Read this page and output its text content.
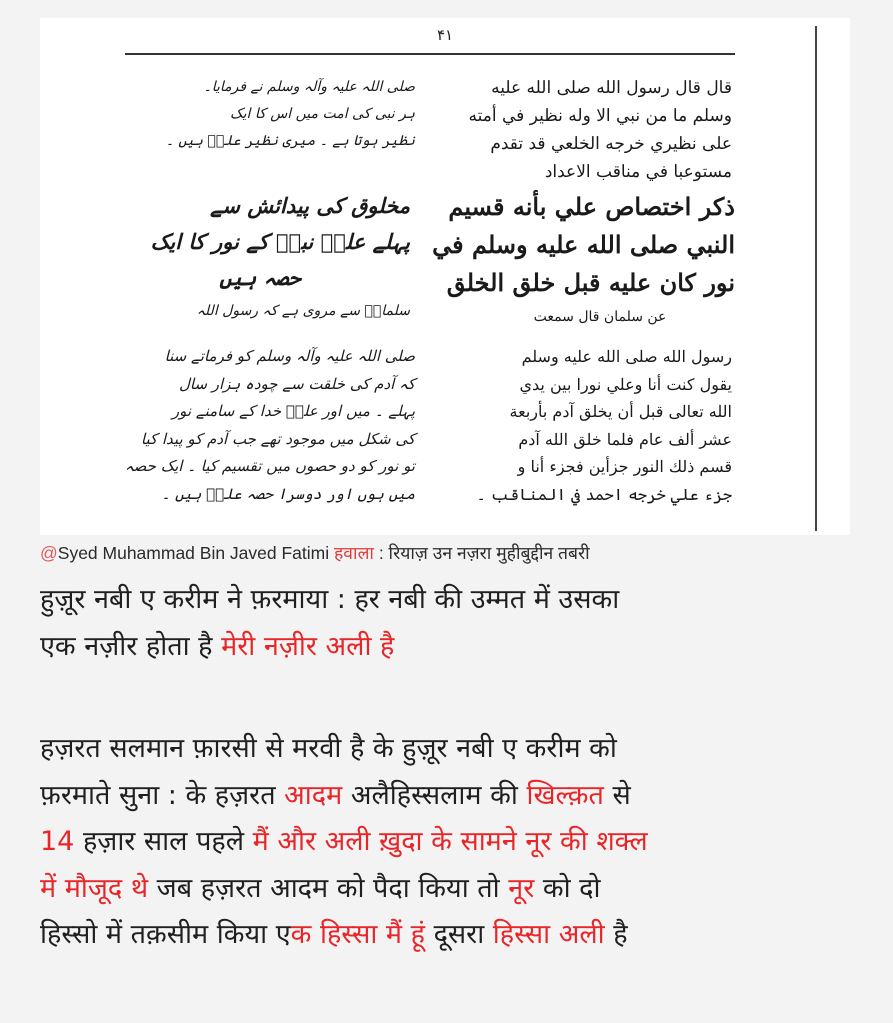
۴۱
قال قال رسول الله صلى الله عليه
وسلم ما من نبي الا وله نظير في أمته
على نظيري خرجه الخلعي قد تقدم
مستوعبا في مناقب الاعداد
صلی اللہ علیہ وآلہ وسلم نے فرمایا۔
ہر نبی کی امت میں اس کا ایک
نظیر ہوتا ہے ۔ میری نظیر علیؑ ہیں ۔
ذکر اختصاص علي بأنه قسيم
النبي صلى الله عليه وسلم في
نور كان عليه قبل خلق الخلق
عن سلمان قال سمعت
مخلوق کی پیدائش سے
پہلے علیؑ نبیؐ کے نور کا ایک
حصہ ہیں
سلمانؓ سے مروی ہے کہ رسول اللہ
رسول الله صلى الله عليه وسلم
يقول كنت أنا وعلي نورا بين يدي
الله تعالى قبل أن يخلق آدم بأربعة
عشر ألف عام فلما خلق الله آدم
قسم ذلك النور جزأين فجزء أنا و
جزء علي خرجه احمد في المناقب ۔
صلی اللہ علیہ وآلہ وسلم کو فرماتے سنا
کہ آدم کی خلقت سے چودہ ہزار سال
پہلے ۔ میں اور علیؑ خدا کے سامنے نور
کی شکل میں موجود تھے جب آدم کو پیدا کیا
تو نور کو دو حصوں میں تقسیم کیا ۔ ایک حصہ
میں ہوں اور دوسرا حصہ علیؑ ہیں ۔
@Syed Muhammad Bin Javed Fatimi हवाला : रियाज़ उन नज़रा मुहीबुद्दीन तबरी
हुज़ूर नबी ए करीम ने फ़रमाया : हर नबी की उम्मत में उसका
एक नज़ीर होता है मेरी नज़ीर अली है
हज़रत सलमान फ़ारसी से मरवी है के हुज़ूर नबी ए करीम को
फ़रमाते सुना : के हज़रत आदम अलैहिस्सलाम की खिल्क़त से
14 हज़ार साल पहले मैं और अली ख़ुदा के सामने नूर की शक्ल
में मौजूद थे जब हज़रत आदम को पैदा किया तो नूर को दो
हिस्सो में तक़सीम किया एक हिस्सा मैं हूं दूसरा हिस्सा अली है
